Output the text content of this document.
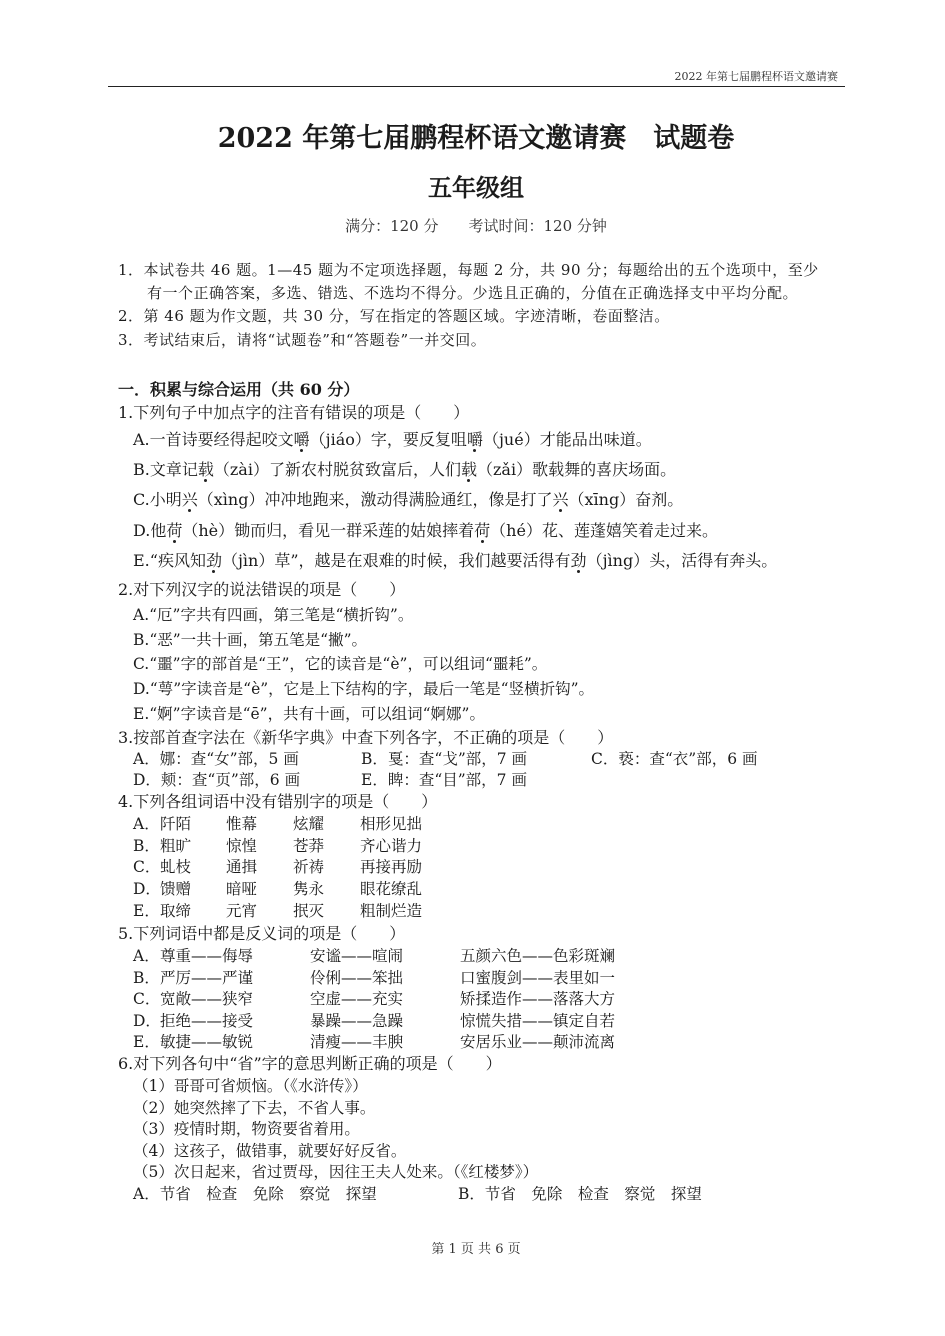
2022 年第七届鹏程杯语文邀请赛
2022 年第七届鹏程杯语文邀请赛　试题卷
五年级组
满分：120 分　　考试时间：120 分钟
1．本试卷共 46 题。1—45 题为不定项选择题，每题 2 分，共 90 分；每题给出的五个选项中，至少
有一个正确答案，多选、错选、不选均不得分。少选且正确的，分值在正确选择支中平均分配。
2．第 46 题为作文题，共 30 分，写在指定的答题区域。字迹清晰，卷面整洁。
3．考试结束后，请将“试题卷”和“答题卷”一并交回。
一．积累与综合运用（共 60 分）
1.下列句子中加点字的注音有错误的项是（　　）
A.一首诗要经得起咬文嚼（jiáo）字，要反复咀嚼（jué）才能品出味道。
B.文章记载（zài）了新农村脱贫致富后，人们载（zǎi）歌载舞的喜庆场面。
C.小明兴（xìng）冲冲地跑来，激动得满脸通红，像是打了兴（xīng）奋剂。
D.他荷（hè）锄而归，看见一群采莲的姑娘摔着荷（hé）花、莲蓬嬉笑着走过来。
E.“疾风知劲（jìn）草”，越是在艰难的时候，我们越要活得有劲（jìng）头，活得有奔头。
2.对下列汉字的说法错误的项是（　　）
A.“厄”字共有四画，第三笔是“横折钩”。
B.“恶”一共十画，第五笔是“撇”。
C.“噩”字的部首是“王”，它的读音是“è”，可以组词“噩耗”。
D.“萼”字读音是“è”，它是上下结构的字，最后一笔是“竖横折钩”。
E.“婀”字读音是“ē”，共有十画，可以组词“婀娜”。
3.按部首查字法在《新华字典》中查下列各字，不正确的项是（　　）
A．娜：查“女”部，5 画	B．戛：查“戈”部，7 画	C．亵：查“衣”部，6 画
D．颊：查“页”部，6 画	E．睥：查“目”部，7 画
4.下列各组词语中没有错别字的项是（　　）
A． 阡陌 惟幕 炫耀 相形见拙
B． 粗旷 惊惶 苍莽 齐心谐力
C． 虬枝 通揖 祈祷 再接再励
D． 馈赠 暗哑 隽永 眼花缭乱
E． 取缔 元宵 抿灭 粗制烂造
5.下列词语中都是反义词的项是（　　）
A． 尊重——侮辱	安谧——喧闹	五颜六色——色彩斑斓
B． 严厉——严谨	伶俐——笨拙	口蜜腹剑——表里如一
C． 宽敞——狭窄	空虚——充实	矫揉造作——落落大方
D． 拒绝——接受	暴躁——急躁	惊慌失措——镇定自若
E． 敏捷——敏锐	清瘦——丰腴	安居乐业——颠沛流离
6.对下列各句中“省”字的意思判断正确的项是（　　）
（1）哥哥可省烦恼。（《水浒传》）
（2）她突然摔了下去，不省人事。
（3）疫情时期，物资要省着用。
（4）这孩子，做错事，就要好好反省。
（5）次日起来，省过贾母，因往王夫人处来。（《红楼梦》）
A．节省　检查　免除　察觉　探望	B．节省　免除　检查　察觉　探望
第 1 页 共 6 页
